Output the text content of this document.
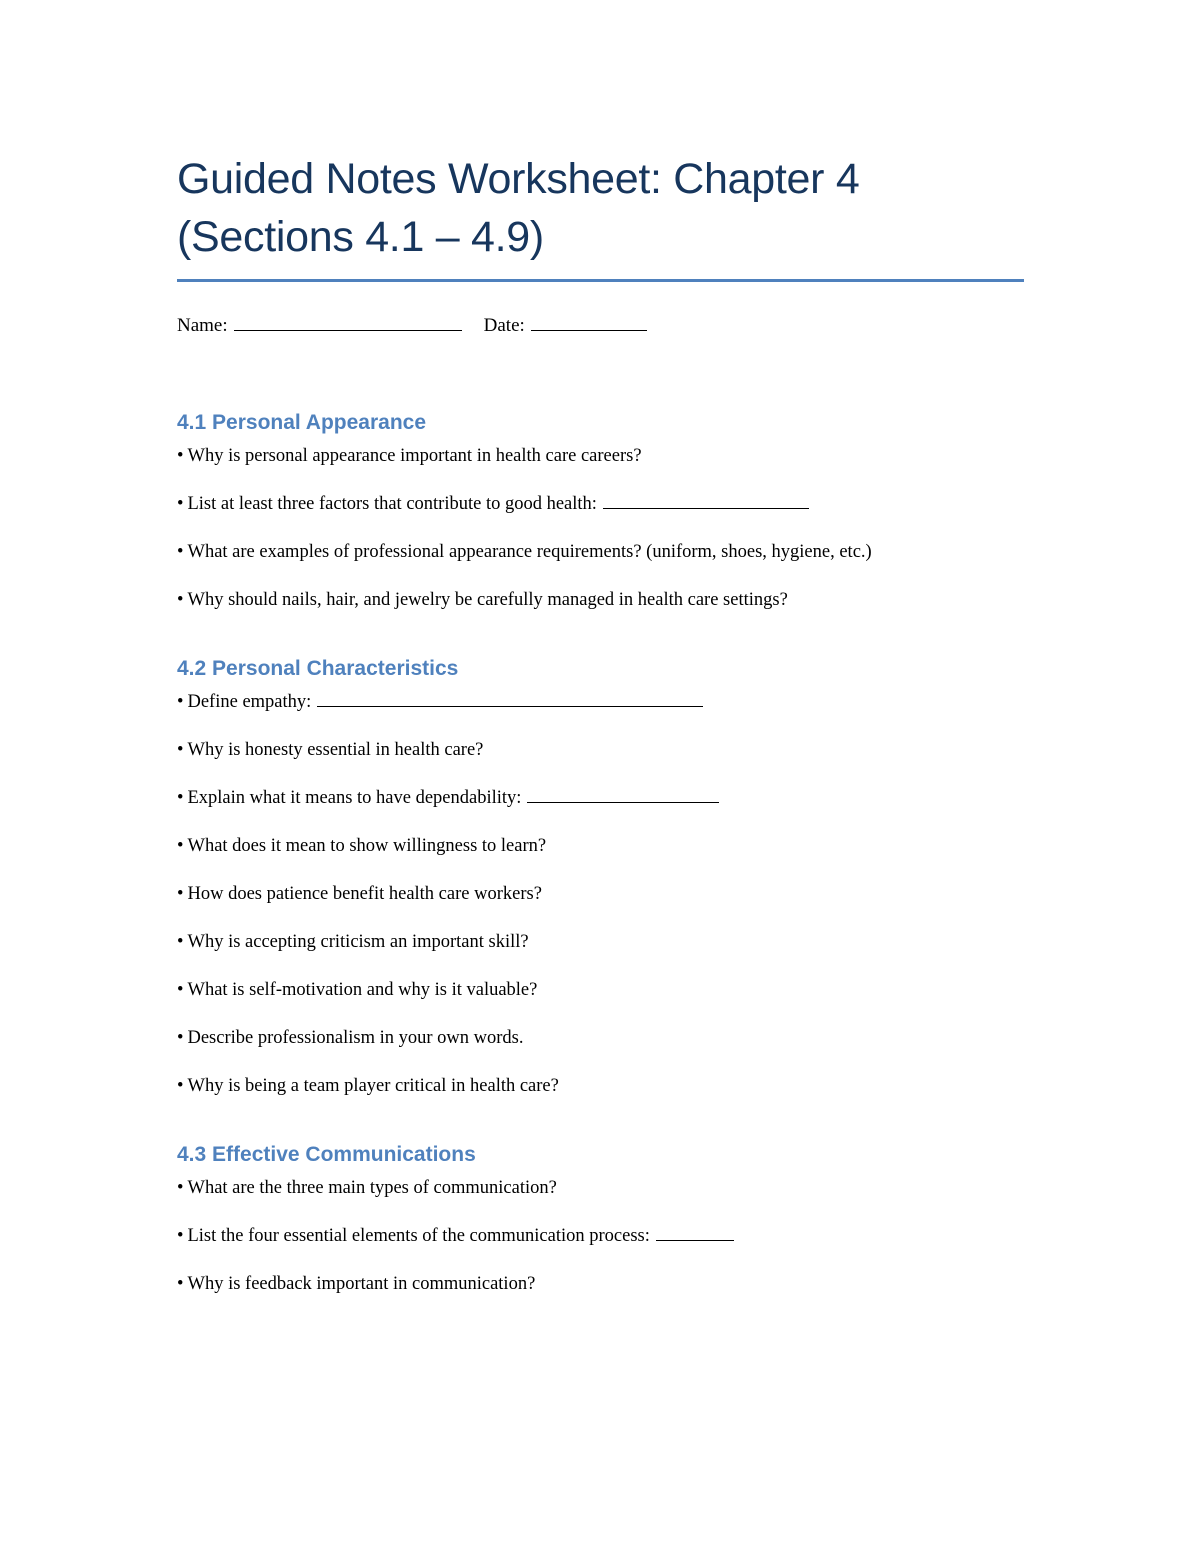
Guided Notes Worksheet: Chapter 4
(Sections 4.1 – 4.9)
Name:	Date:
4.1 Personal Appearance
• Why is personal appearance important in health care careers?
• List at least three factors that contribute to good health:
• What are examples of professional appearance requirements? (uniform, shoes, hygiene, etc.)
• Why should nails, hair, and jewelry be carefully managed in health care settings?
4.2 Personal Characteristics
• Define empathy:
• Why is honesty essential in health care?
• Explain what it means to have dependability:
• What does it mean to show willingness to learn?
• How does patience benefit health care workers?
• Why is accepting criticism an important skill?
• What is self-motivation and why is it valuable?
• Describe professionalism in your own words.
• Why is being a team player critical in health care?
4.3 Effective Communications
• What are the three main types of communication?
• List the four essential elements of the communication process:
• Why is feedback important in communication?
